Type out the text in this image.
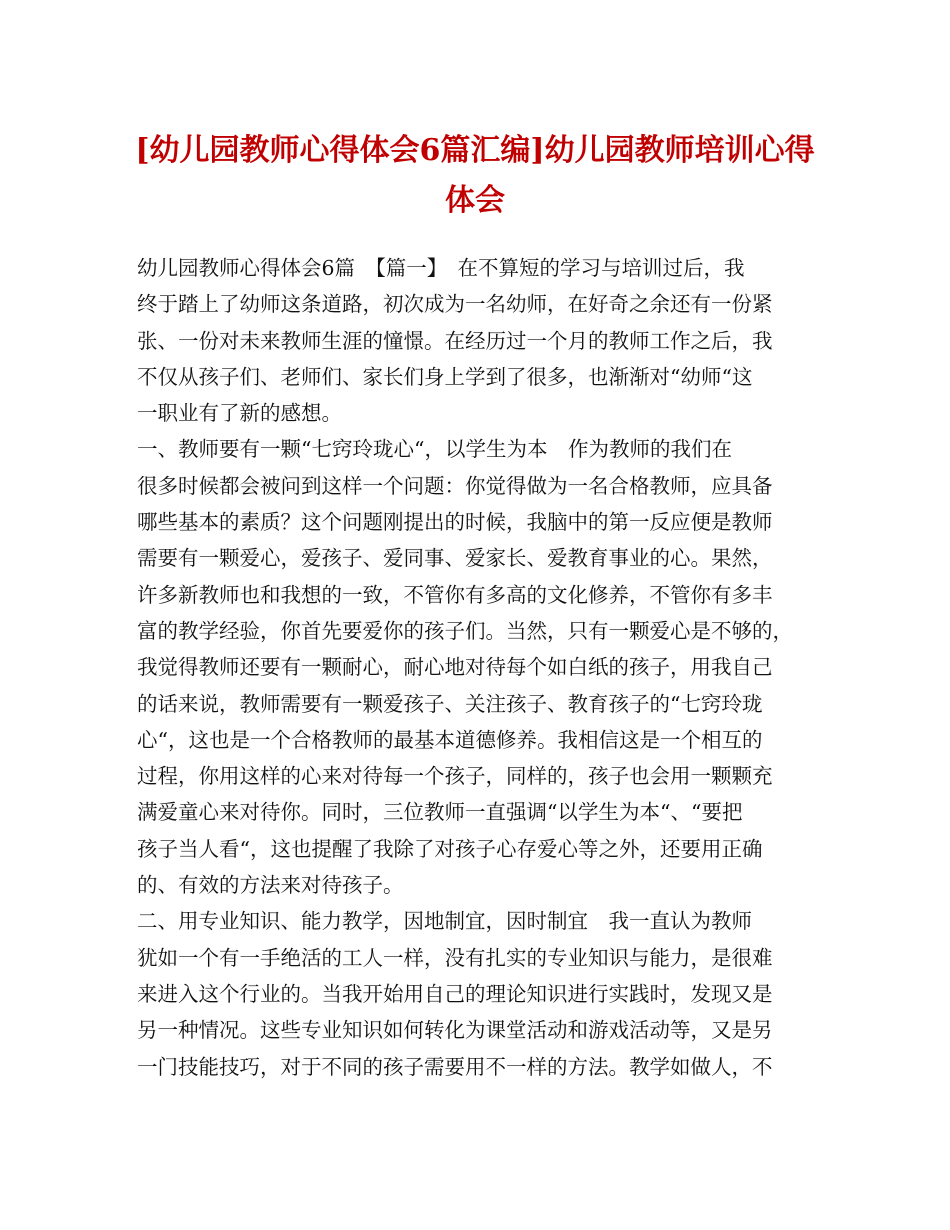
[幼儿园教师心得体会6篇汇编]幼儿园教师培训心得
体会
幼儿园教师心得体会6篇　【篇一】　在不算短的学习与培训过后，我
终于踏上了幼师这条道路，初次成为一名幼师，在好奇之余还有一份紧
张、一份对未来教师生涯的憧憬。在经历过一个月的教师工作之后，我
不仅从孩子们、老师们、家长们身上学到了很多，也渐渐对“幼师“这
一职业有了新的感想。
一、教师要有一颗“七窍玲珑心“，以学生为本　作为教师的我们在
很多时候都会被问到这样一个问题：你觉得做为一名合格教师，应具备
哪些基本的素质？这个问题刚提出的时候，我脑中的第一反应便是教师
需要有一颗爱心，爱孩子、爱同事、爱家长、爱教育事业的心。果然，
许多新教师也和我想的一致，不管你有多高的文化修养，不管你有多丰
富的教学经验，你首先要爱你的孩子们。当然，只有一颗爱心是不够的，
我觉得教师还要有一颗耐心，耐心地对待每个如白纸的孩子，用我自己
的话来说，教师需要有一颗爱孩子、关注孩子、教育孩子的“七窍玲珑
心“，这也是一个合格教师的最基本道德修养。我相信这是一个相互的
过程，你用这样的心来对待每一个孩子，同样的，孩子也会用一颗颗充
满爱童心来对待你。同时，三位教师一直强调“以学生为本“、“要把
孩子当人看“，这也提醒了我除了对孩子心存爱心等之外，还要用正确
的、有效的方法来对待孩子。
二、用专业知识、能力教学，因地制宜，因时制宜　我一直认为教师
犹如一个有一手绝活的工人一样，没有扎实的专业知识与能力，是很难
来进入这个行业的。当我开始用自己的理论知识进行实践时，发现又是
另一种情况。这些专业知识如何转化为课堂活动和游戏活动等，又是另
一门技能技巧，对于不同的孩子需要用不一样的方法。教学如做人，不
